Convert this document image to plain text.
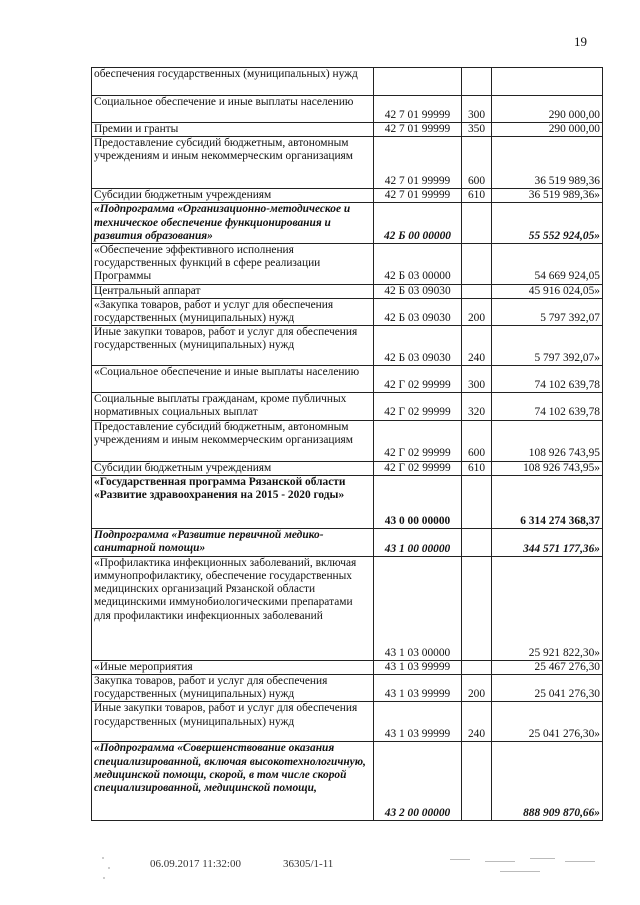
19
обеспечения государственных (муниципальных) нужд			
Социальное обеспечение и иные выплаты населению	42 7 01 99999	300	290 000,00
Премии и гранты	42 7 01 99999	350	290 000,00
Предоставление субсидий бюджетным, автономным учреждениям и иным некоммерческим организациям	42 7 01 99999	600	36 519 989,36
Субсидии бюджетным учреждениям	42 7 01 99999	610	36 519 989,36»
«Подпрограмма «Организационно-методическое и техническое обеспечение функционирования и развития образования»	42 Б 00 00000		55 552 924,05»
«Обеспечение эффективного исполнения государственных функций в сфере реализации Программы	42 Б 03 00000		54 669 924,05
Центральный аппарат	42 Б 03 09030		45 916 024,05»
«Закупка товаров, работ и услуг для обеспечения государственных (муниципальных) нужд	42 Б 03 09030	200	5 797 392,07
Иные закупки товаров, работ и услуг для обеспечения государственных (муниципальных) нужд	42 Б 03 09030	240	5 797 392,07»
«Социальное обеспечение и иные выплаты населению	42 Г 02 99999	300	74 102 639,78
Социальные выплаты гражданам, кроме публичных нормативных социальных выплат	42 Г 02 99999	320	74 102 639,78
Предоставление субсидий бюджетным, автономным учреждениям и иным некоммерческим организациям	42 Г 02 99999	600	108 926 743,95
Субсидии бюджетным учреждениям	42 Г 02 99999	610	108 926 743,95»
«Государственная программа Рязанской области «Развитие здравоохранения на 2015 - 2020 годы»	43 0 00 00000		6 314 274 368,37
Подпрограмма «Развитие первичной медико-санитарной помощи»	43 1 00 00000		344 571 177,36»
«Профилактика инфекционных заболеваний, включая иммунопрофилактику, обеспечение государственных медицинских организаций Рязанской области медицинскими иммунобиологическими препаратами для профилактики инфекционных заболеваний	43 1 03 00000		25 921 822,30»
«Иные мероприятия	43 1 03 99999		25 467 276,30
Закупка товаров, работ и услуг для обеспечения государственных (муниципальных) нужд	43 1 03 99999	200	25 041 276,30
Иные закупки товаров, работ и услуг для обеспечения государственных (муниципальных) нужд	43 1 03 99999	240	25 041 276,30»
«Подпрограмма «Совершенствование оказания специализированной, включая высокотехнологичную, медицинской помощи, скорой, в том числе скорой специализированной, медицинской помощи,	43 2 00 00000		888 909 870,66»
06.09.2017 11:32:00	36305/1-11
